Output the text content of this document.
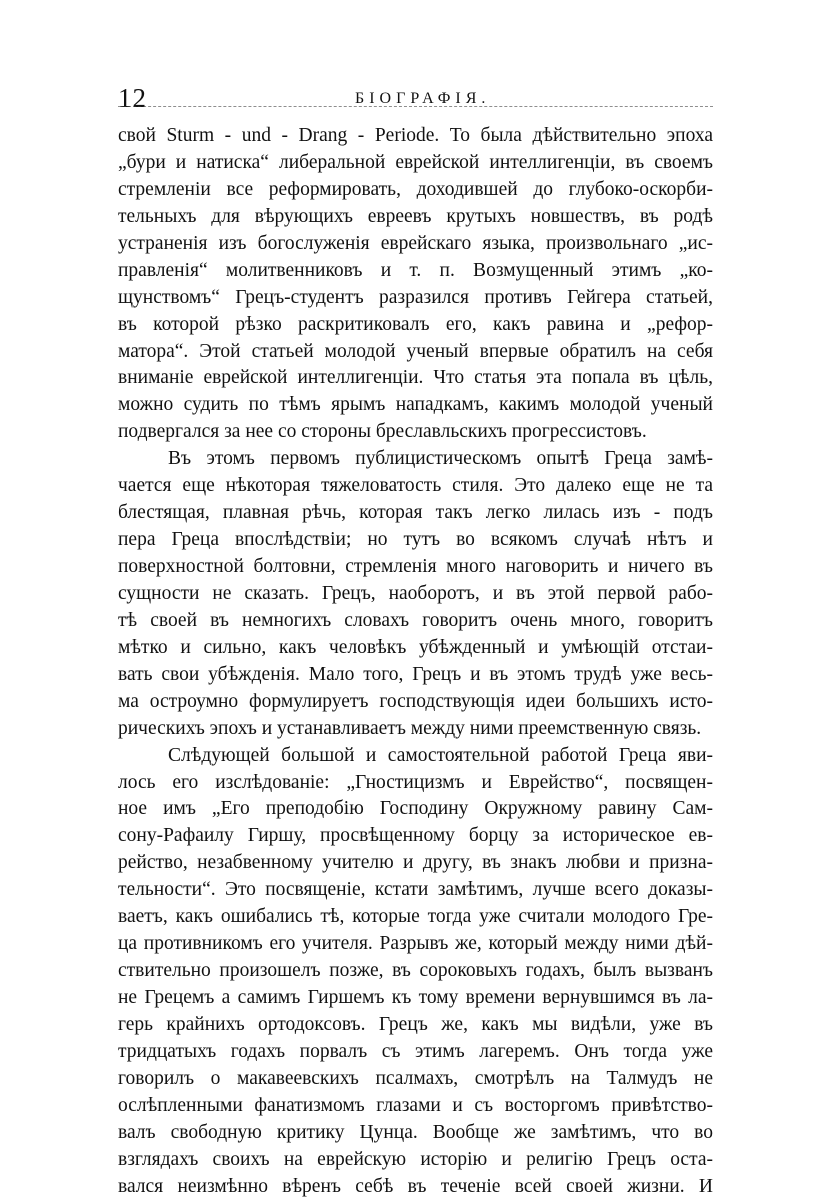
12	БІОГРАФІЯ.
свой Sturm - und - Drang - Periode. То была дѣйствительно эпоха
„бури и натиска“ либеральной еврейской интеллигенціи, въ своемъ
стремленіи все реформировать, доходившей до глубоко-оскорби-
тельныхъ для вѣрующихъ евреевъ крутыхъ новшествъ, въ родѣ
устраненія изъ богослуженія еврейскаго языка, произвольнаго „ис-
правленія“ молитвенниковъ и т. п. Возмущенный этимъ „ко-
щунствомъ“ Грецъ-студентъ разразился противъ Гейгера статьей,
въ которой рѣзко раскритиковалъ его, какъ равина и „рефор-
матора“. Этой статьей молодой ученый впервые обратилъ на себя
вниманіе еврейской интеллигенціи. Что статья эта попала въ цѣль,
можно судить по тѣмъ ярымъ нападкамъ, какимъ молодой ученый
подвергался за нее со стороны бреславльскихъ прогрессистовъ.
Въ этомъ первомъ публицистическомъ опытѣ Греца замѣ-
чается еще нѣкоторая тяжеловатость стиля. Это далеко еще не та
блестящая, плавная рѣчь, которая такъ легко лилась изъ - подъ
пера Греца впослѣдствіи; но тутъ во всякомъ случаѣ нѣтъ и
поверхностной болтовни, стремленія много наговорить и ничего въ
сущности не сказать. Грецъ, наоборотъ, и въ этой первой рабо-
тѣ своей въ немногихъ словахъ говоритъ очень много, говоритъ
мѣтко и сильно, какъ человѣкъ убѣжденный и умѣющій отстаи-
вать свои убѣжденія. Мало того, Грецъ и въ этомъ трудѣ уже весь-
ма остроумно формулируетъ господствующія идеи большихъ исто-
рическихъ эпохъ и устанавливаетъ между ними преемственную связь.
Слѣдующей большой и самостоятельной работой Греца яви-
лось его изслѣдованіе: „Гностицизмъ и Еврейство“, посвящен-
ное имъ „Его преподобію Господину Окружному равину Сам-
сону-Рафаилу Гиршу, просвѣщенному борцу за историческое ев-
рейство, незабвенному учителю и другу, въ знакъ любви и призна-
тельности“. Это посвященіе, кстати замѣтимъ, лучше всего доказы-
ваетъ, какъ ошибались тѣ, которые тогда уже считали молодого Гре-
ца противникомъ его учителя. Разрывъ же, который между ними дѣй-
ствительно произошелъ позже, въ сороковыхъ годахъ, былъ вызванъ
не Грецемъ а самимъ Гиршемъ къ тому времени вернувшимся въ ла-
герь крайнихъ ортодоксовъ. Грецъ же, какъ мы видѣли, уже въ
тридцатыхъ годахъ порвалъ съ этимъ лагеремъ. Онъ тогда уже
говорилъ о макавеевскихъ псалмахъ, смотрѣлъ на Талмудъ не
ослѣпленными фанатизмомъ глазами и съ восторгомъ привѣтство-
валъ свободную критику Цунца. Вообще же замѣтимъ, что во
взглядахъ своихъ на еврейскую исторію и религію Грецъ оста-
вался неизмѣнно вѣренъ себѣ въ теченіе всей своей жизни. И
